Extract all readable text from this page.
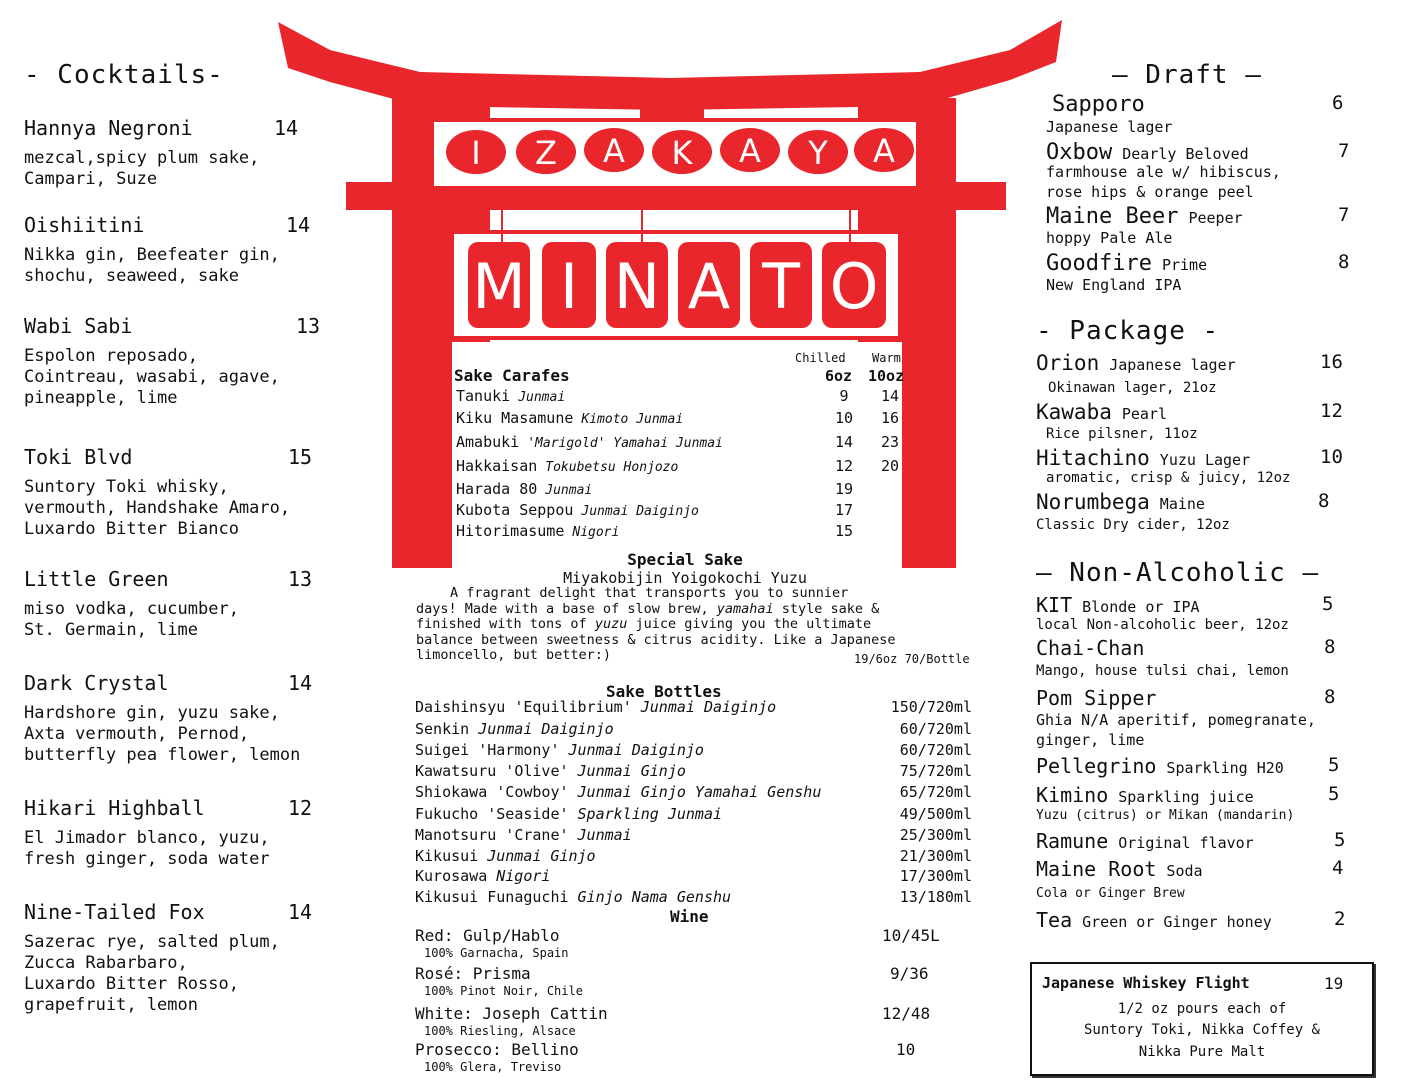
I Z A K A Y A
M I N A T O
- Cocktails-
Hannya Negroni	14
mezcal,spicy plum sake,
Campari, Suze
Oishiitini	14
Nikka gin, Beefeater gin,
shochu, seaweed, sake
Wabi Sabi	13
Espolon reposado,
Cointreau, wasabi, agave,
pineapple, lime
Toki Blvd	15
Suntory Toki whisky,
vermouth, Handshake Amaro,
Luxardo Bitter Bianco
Little Green	13
miso vodka, cucumber,
St. Germain, lime
Dark Crystal	14
Hardshore gin, yuzu sake,
Axta vermouth, Pernod,
butterfly pea flower, lemon
Hikari Highball	12
El Jimador blanco, yuzu,
fresh ginger, soda water
Nine-Tailed Fox	14
Sazerac rye, salted plum,
Zucca Rabarbaro,
Luxardo Bitter Rosso,
grapefruit, lemon
Chilled Warm
Sake Carafes	6oz 10oz
Tanuki Junmai	9	14
Kiku Masamune Kimoto Junmai	10 16
Amabuki 'Marigold' Yamahai Junmai	14 23
Hakkaisan Tokubetsu Honjozo	12 20
Harada 80 Junmai	19
Kubota Seppou Junmai Daiginjo	17
Hitorimasume Nigori	15
Special Sake
Miyakobijin Yoigokochi Yuzu
A fragrant delight that transports you to sunnier
days! Made with a base of slow brew, yamahai style sake &
finished with tons of yuzu juice giving you the ultimate
balance between sweetness & citrus acidity. Like a Japanese
limoncello, but better:)	19/6oz 70/Bottle
Sake Bottles
Daishinsyu 'Equilibrium' Junmai Daiginjo	150/720ml
Senkin Junmai Daiginjo	60/720ml
Suigei 'Harmony' Junmai Daiginjo	60/720ml
Kawatsuru 'Olive' Junmai Ginjo	75/720ml
Shiokawa 'Cowboy' Junmai Ginjo Yamahai Genshu	65/720ml
Fukucho 'Seaside' Sparkling Junmai	49/500ml
Manotsuru 'Crane' Junmai	25/300ml
Kikusui Junmai Ginjo	21/300ml
Kurosawa Nigori	17/300ml
Kikusui Funaguchi Ginjo Nama Genshu	13/180ml
Wine
Red: Gulp/Hablo
100% Garnacha, Spain
10/45L
Rosé: Prisma
100% Pinot Noir, Chile
9/36
White: Joseph Cattin
100% Riesling, Alsace
12/48
Prosecco: Bellino
100% Glera, Treviso
10
— Draft —
Sapporo
Japanese lager
6
Oxbow Dearly Beloved
farmhouse ale w/ hibiscus,
rose hips & orange peel
7
Maine Beer Peeper
hoppy Pale Ale
7
Goodfire Prime
New England IPA
8
- Package -
Orion Japanese lager
Okinawan lager, 21oz
16
Kawaba Pearl
Rice pilsner, 11oz
12
Hitachino Yuzu Lager
aromatic, crisp & juicy, 12oz
10
Norumbega Maine
Classic Dry cider, 12oz
8
— Non-Alcoholic —
KIT Blonde or IPA
local Non-alcoholic beer, 12oz
5
Chai-Chan
Mango, house tulsi chai, lemon
8
Pom Sipper
Ghia N/A aperitif, pomegranate,
ginger, lime
8
Pellegrino Sparkling H20 5
Kimino Sparkling juice
Yuzu (citrus) or Mikan (mandarin)
5
Ramune Original flavor	5
Maine Root Soda
Cola or Ginger Brew
4
Tea Green or Ginger honey	2
Japanese Whiskey Flight	19
1/2 oz pours each of
Suntory Toki, Nikka Coffey &
Nikka Pure Malt
